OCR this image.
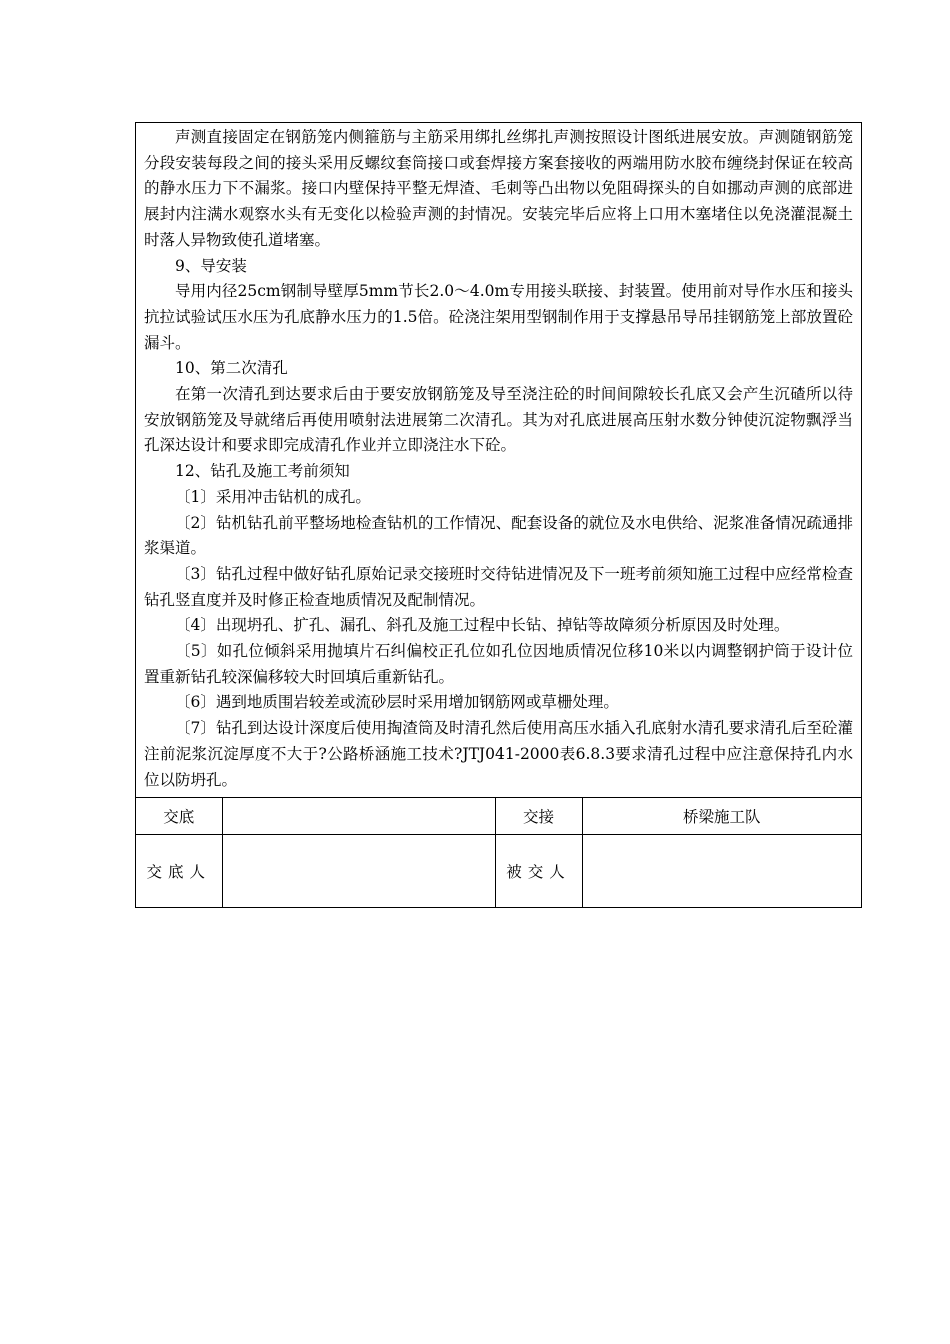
声测直接固定在钢筋笼内侧箍筋与主筋采用绑扎丝绑扎声测按照设计图纸进展安放。声测随钢筋笼分段安装每段之间的接头采用反螺纹套筒接口或套焊接方案套接收的两端用防水胶布缠绕封保证在较高的静水压力下不漏浆。接口内壁保持平整无焊渣、毛刺等凸出物以免阻碍探头的自如挪动声测的底部进展封内注满水观察水头有无变化以检验声测的封情况。安装完毕后应将上口用木塞堵住以免浇灌混凝土时落人异物致使孔道堵塞。

9、导安装

导用内径25cm钢制导壁厚5mm节长2.0～4.0m专用接头联接、封装置。使用前对导作水压和接头抗拉试验试压水压为孔底静水压力的1.5倍。砼浇注架用型钢制作用于支撑悬吊导吊挂钢筋笼上部放置砼漏斗。

10、第二次清孔

在第一次清孔到达要求后由于要安放钢筋笼及导至浇注砼的时间间隙较长孔底又会产生沉碴所以待安放钢筋笼及导就绪后再使用喷射法进展第二次清孔。其为对孔底进展高压射水数分钟使沉淀物飘浮当孔深达设计和要求即完成清孔作业并立即浇注水下砼。

12、钻孔及施工考前须知

〔1〕采用冲击钻机的成孔。

〔2〕钻机钻孔前平整场地检查钻机的工作情况、配套设备的就位及水电供给、泥浆准备情况疏通排浆渠道。

〔3〕钻孔过程中做好钻孔原始记录交接班时交待钻进情况及下一班考前须知施工过程中应经常检查钻孔竖直度并及时修正检查地质情况及配制情况。

〔4〕出现坍孔、扩孔、漏孔、斜孔及施工过程中长钻、掉钻等故障须分析原因及时处理。

〔5〕如孔位倾斜采用抛填片石纠偏校正孔位如孔位因地质情况位移10米以内调整钢护筒于设计位置重新钻孔较深偏移较大时回填后重新钻孔。

〔6〕遇到地质围岩较差或流砂层时采用增加钢筋网或草栅处理。

〔7〕钻孔到达设计深度后使用掏渣筒及时清孔然后使用高压水插入孔底射水清孔要求清孔后至砼灌注前泥浆沉淀厚度不大于?公路桥涵施工技术?JTJ041-2000表6.8.3要求清孔过程中应注意保持孔内水位以防坍孔。

交底		交接	桥梁施工队
交底人		被交人	
